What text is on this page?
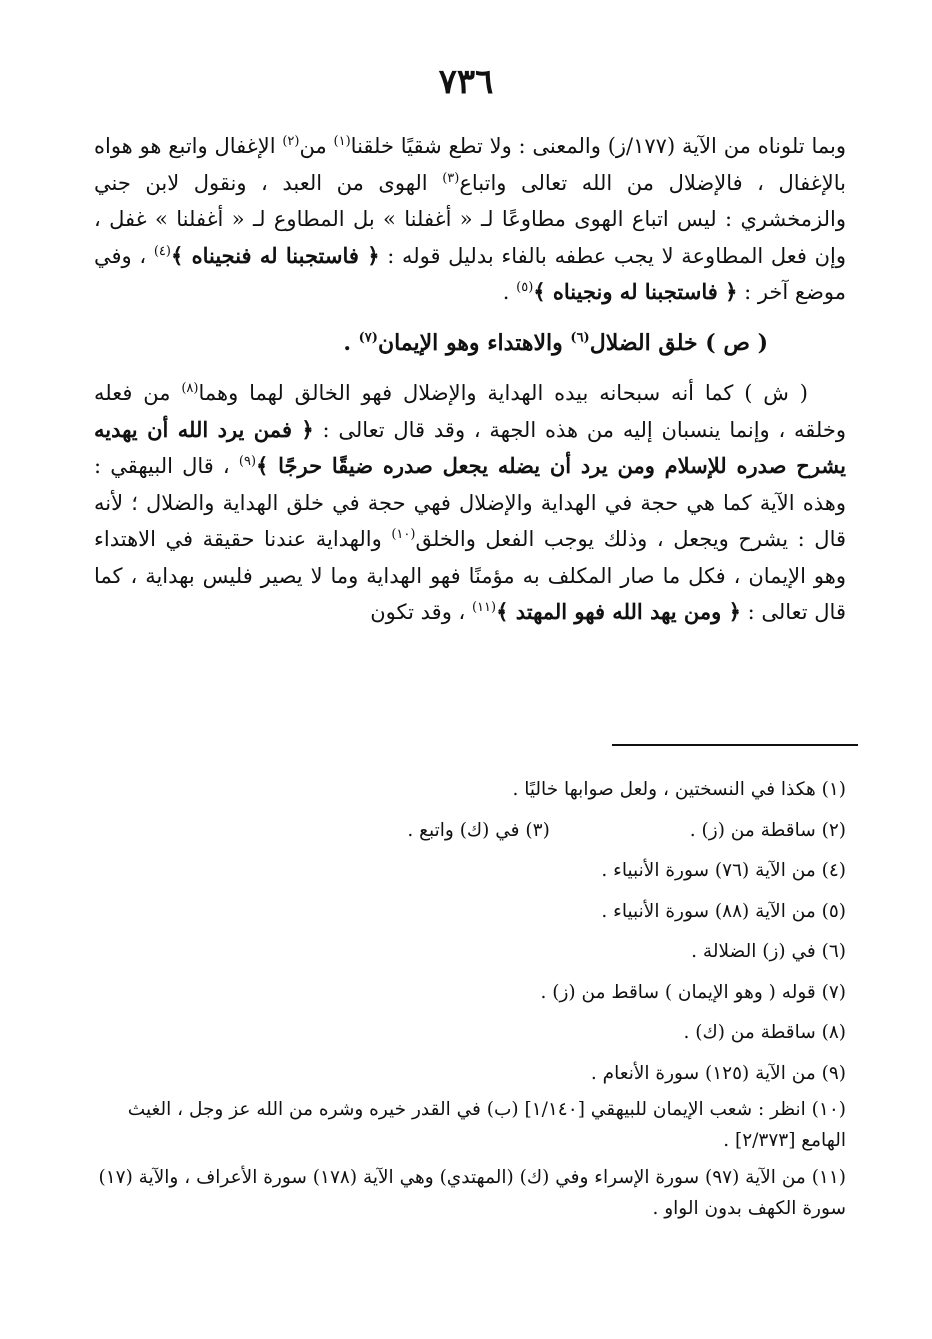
٧٣٦

وبما تلوناه من الآية (١٧٧/ز) والمعنى : ولا تطع شقيًا خلقنا$^{(١)}$ من$^{(٢)}$ الإغفال واتبع هو هواه بالإغفال ، فالإضلال من الله تعالى واتباع$^{(٣)}$ الهوى من العبد ، ونقول لابن جني والزمخشري : ليس اتباع الهوى مطاوعًا لـ « أغفلنا » بل المطاوع لـ « أغفلنا » غفل ، وإن فعل المطاوعة لا يجب عطفه بالفاء بدليل قوله : ﴿ فاستجبنا له فنجيناه ﴾$^{(٤)}$ ، وفي موضع آخر : ﴿ فاستجبنا له ونجيناه ﴾$^{(٥)}$ .

( ص ) خلق الضلال$^{(٦)}$ والاهتداء وهو الإيمان$^{(٧)}$ .

( ش ) كما أنه سبحانه بيده الهداية والإضلال فهو الخالق لهما وهما$^{(٨)}$ من فعله وخلقه ، وإنما ينسبان إليه من هذه الجهة ، وقد قال تعالى : ﴿ فمن يرد الله أن يهديه يشرح صدره للإسلام ومن يرد أن يضله يجعل صدره ضيقًا حرجًا ﴾$^{(٩)}$ ، قال البيهقي : وهذه الآية كما هي حجة في الهداية والإضلال فهي حجة في خلق الهداية والضلال ؛ لأنه قال : يشرح ويجعل ، وذلك يوجب الفعل والخلق$^{(١٠)}$ والهداية عندنا حقيقة في الاهتداء وهو الإيمان ، فكل ما صار المكلف به مؤمنًا فهو الهداية وما لا يصير فليس بهداية ، كما قال تعالى : ﴿ ومن يهد الله فهو المهتد ﴾$^{(١١)}$ ، وقد تكون

(١) هكذا في النسختين ، ولعل صوابها خاليًا .
(٢) ساقطة من (ز) .
(٣) في (ك) واتبع .
(٤) من الآية (٧٦) سورة الأنبياء .
(٥) من الآية (٨٨) سورة الأنبياء .
(٦) في (ز) الضلالة .
(٧) قوله ( وهو الإيمان ) ساقط من (ز) .
(٨) ساقطة من (ك) .
(٩) من الآية (١٢٥) سورة الأنعام .
(١٠) انظر : شعب الإيمان للبيهقي [١/١٤٠] (ب) في القدر خيره وشره من الله عز وجل ، الغيث الهامع [٢/٣٧٣] .
(١١) من الآية (٩٧) سورة الإسراء وفي (ك) (المهتدي) وهي الآية (١٧٨) سورة الأعراف ، والآية (١٧) سورة الكهف بدون الواو .
